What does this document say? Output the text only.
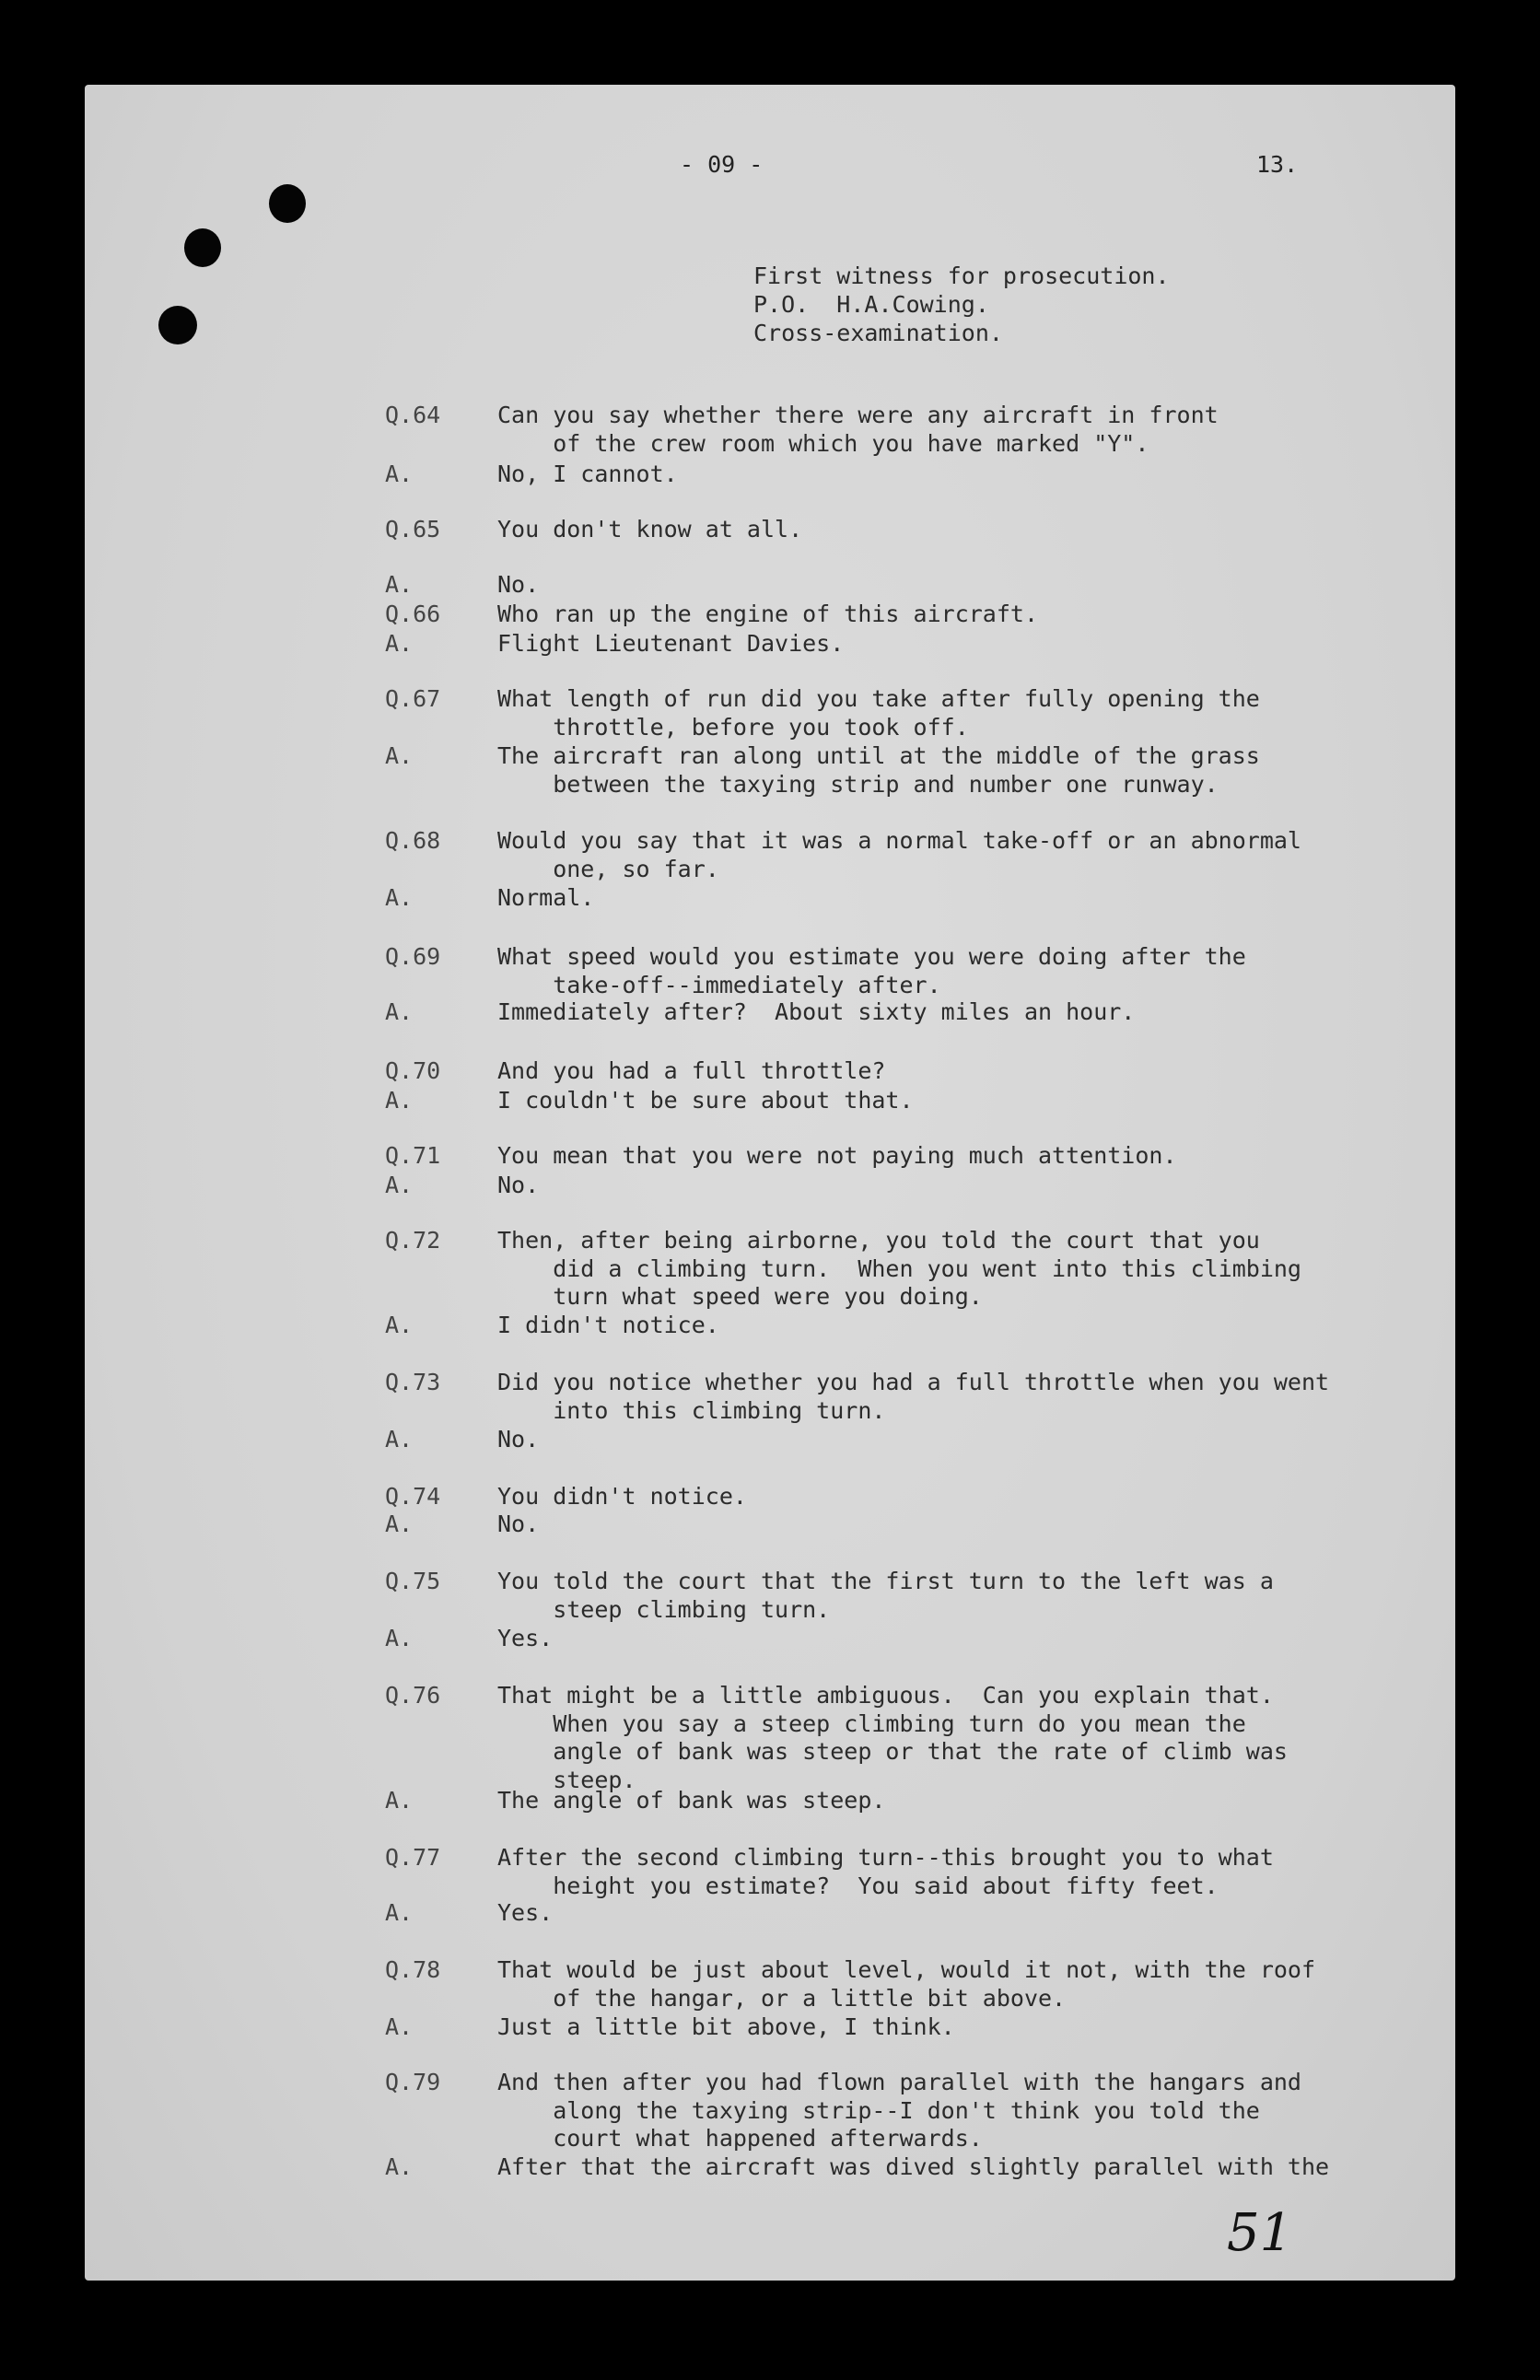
- 09 -	13.
First witness for prosecution.
P.O.  H.A.Cowing.
Cross-examination.
Q.64 Can you say whether there were any aircraft in front
of the crew room which you have marked "Y".
A.	No, I cannot.
Q.65 You don't know at all.
A.	No.
Q.66 Who ran up the engine of this aircraft.
A.	Flight Lieutenant Davies.
Q.67 What length of run did you take after fully opening the
throttle, before you took off.
A.	The aircraft ran along until at the middle of the grass
between the taxying strip and number one runway.
Q.68 Would you say that it was a normal take-off or an abnormal
one, so far.
A.	Normal.
Q.69 What speed would you estimate you were doing after the
take-off--immediately after.
A.	Immediately after?  About sixty miles an hour.
Q.70 And you had a full throttle?
A.	I couldn't be sure about that.
Q.71 You mean that you were not paying much attention.
A.	No.
Q.72 Then, after being airborne, you told the court that you
did a climbing turn.  When you went into this climbing
turn what speed were you doing.
A.	I didn't notice.
Q.73 Did you notice whether you had a full throttle when you went
into this climbing turn.
A.	No.
Q.74 You didn't notice.
A.	No.
Q.75 You told the court that the first turn to the left was a
steep climbing turn.
A.	Yes.
Q.76 That might be a little ambiguous.  Can you explain that.
When you say a steep climbing turn do you mean the
angle of bank was steep or that the rate of climb was
steep.
A.	The angle of bank was steep.
Q.77 After the second climbing turn--this brought you to what
height you estimate?  You said about fifty feet.
A.	Yes.
Q.78 That would be just about level, would it not, with the roof
of the hangar, or a little bit above.
A.	Just a little bit above, I think.
Q.79 And then after you had flown parallel with the hangars and
along the taxying strip--I don't think you told the
court what happened afterwards.
A.	After that the aircraft was dived slightly parallel with the
51
